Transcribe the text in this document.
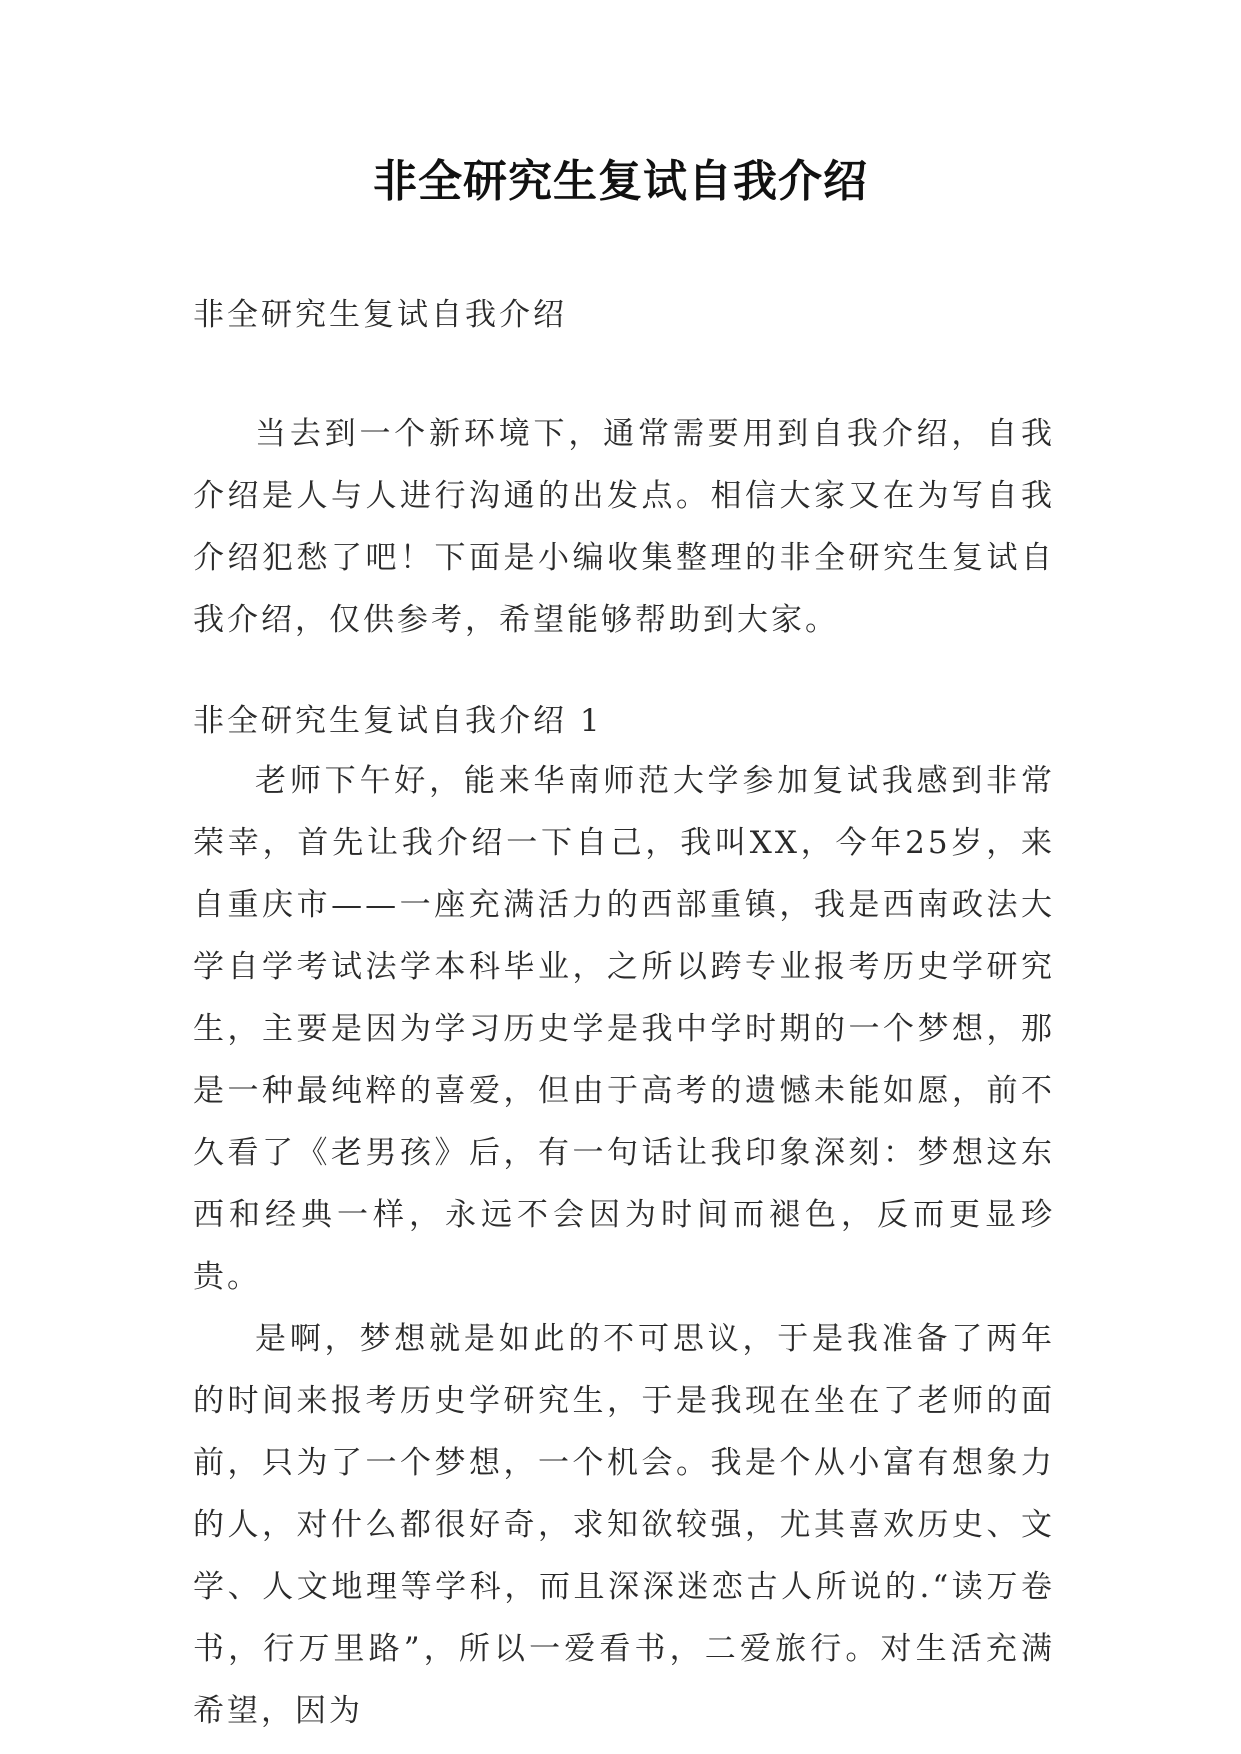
非全研究生复试自我介绍
非全研究生复试自我介绍

当去到一个新环境下，通常需要用到自我介绍，自我介绍是人与人进行沟通的出发点。相信大家又在为写自我介绍犯愁了吧！下面是小编收集整理的非全研究生复试自我介绍，仅供参考，希望能够帮助到大家。

非全研究生复试自我介绍 1

老师下午好，能来华南师范大学参加复试我感到非常荣幸，首先让我介绍一下自己，我叫XX，今年25岁，来自重庆市——一座充满活力的西部重镇，我是西南政法大学自学考试法学本科毕业，之所以跨专业报考历史学研究生，主要是因为学习历史学是我中学时期的一个梦想，那是一种最纯粹的喜爱，但由于高考的遗憾未能如愿，前不久看了《老男孩》后，有一句话让我印象深刻：梦想这东西和经典一样，永远不会因为时间而褪色，反而更显珍贵。

是啊，梦想就是如此的不可思议，于是我准备了两年的时间来报考历史学研究生，于是我现在坐在了老师的面前，只为了一个梦想，一个机会。我是个从小富有想象力的人，对什么都很好奇，求知欲较强，尤其喜欢历史、文学、人文地理等学科，而且深深迷恋古人所说的.“读万卷书，行万里路”，所以一爱看书，二爱旅行。对生活充满希望，因为
